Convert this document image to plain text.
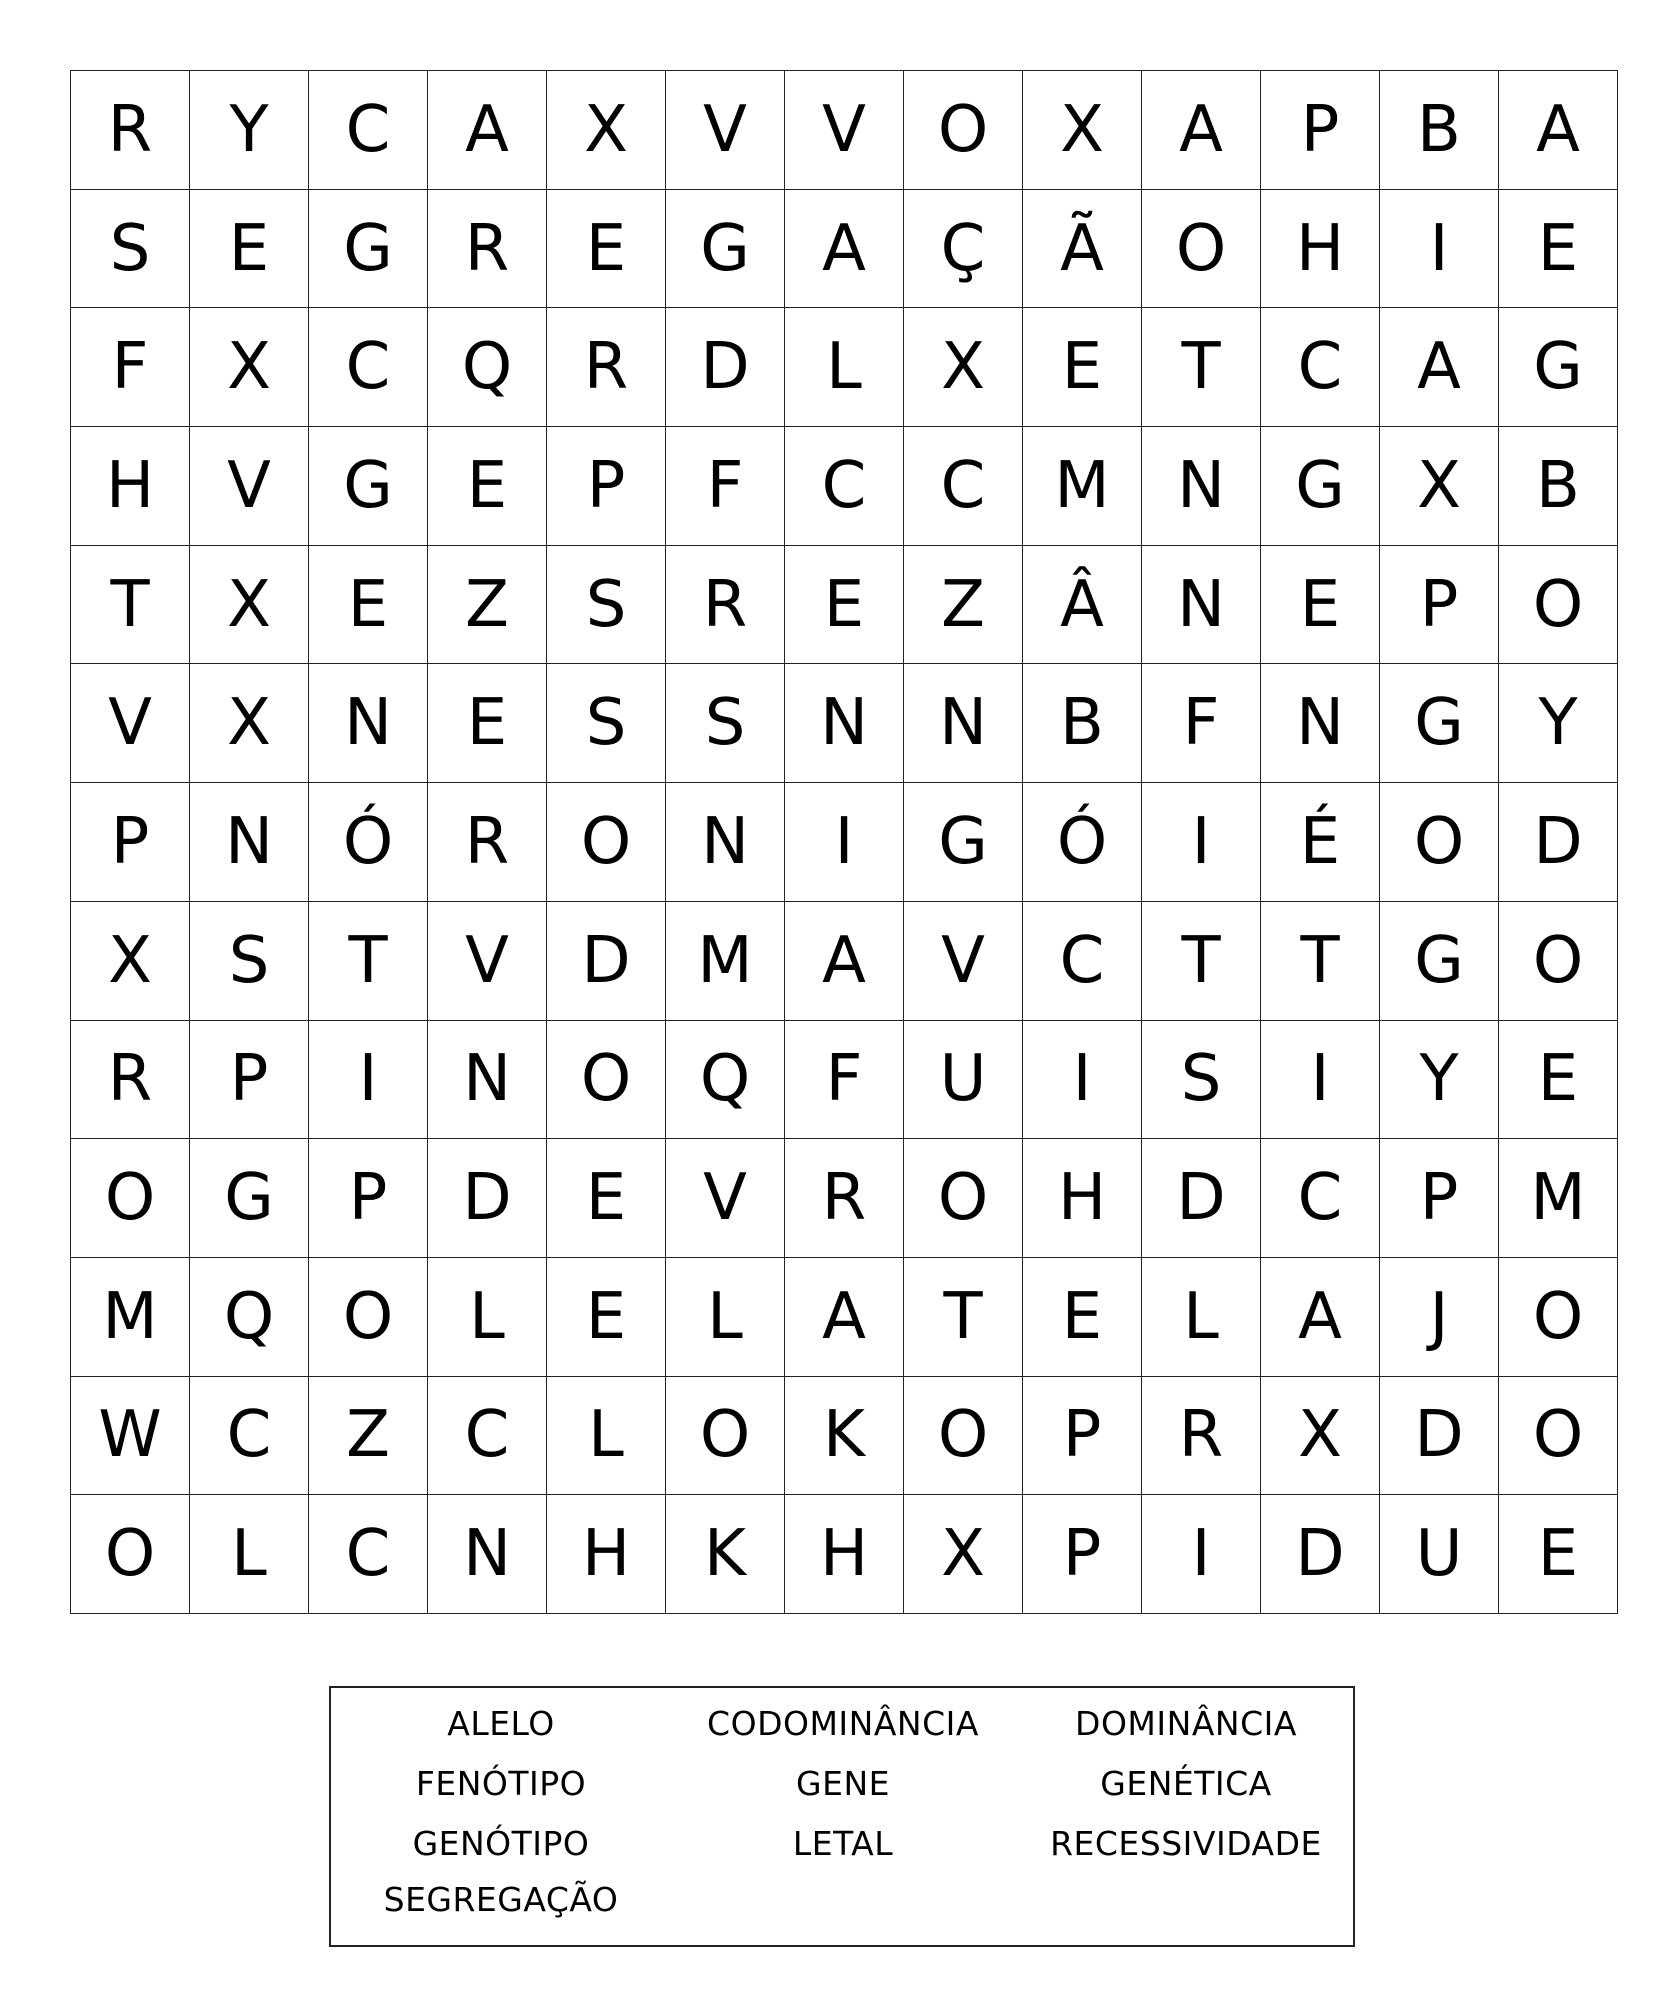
R	Y	C	A	X	V	V	O	X	A	P	B	A
S	E	G	R	E	G	A	Ç	Ã	O	H	I	E
F	X	C	Q	R	D	L	X	E	T	C	A	G
H	V	G	E	P	F	C	C	M	N	G	X	B
T	X	E	Z	S	R	E	Z	Â	N	E	P	O
V	X	N	E	S	S	N	N	B	F	N	G	Y
P	N	Ó	R	O	N	I	G	Ó	I	É	O	D
X	S	T	V	D	M	A	V	C	T	T	G	O
R	P	I	N	O	Q	F	U	I	S	I	Y	E
O	G	P	D	E	V	R	O	H	D	C	P	M
M	Q	O	L	E	L	A	T	E	L	A	J	O
W	C	Z	C	L	O	K	O	P	R	X	D	O
O	L	C	N	H	K	H	X	P	I	D	U	E
ALELO	CODOMINÂNCIA	DOMINÂNCIA
FENÓTIPO	GENE	GENÉTICA
GENÓTIPO	LETAL	RECESSIVIDADE
SEGREGAÇÃO
